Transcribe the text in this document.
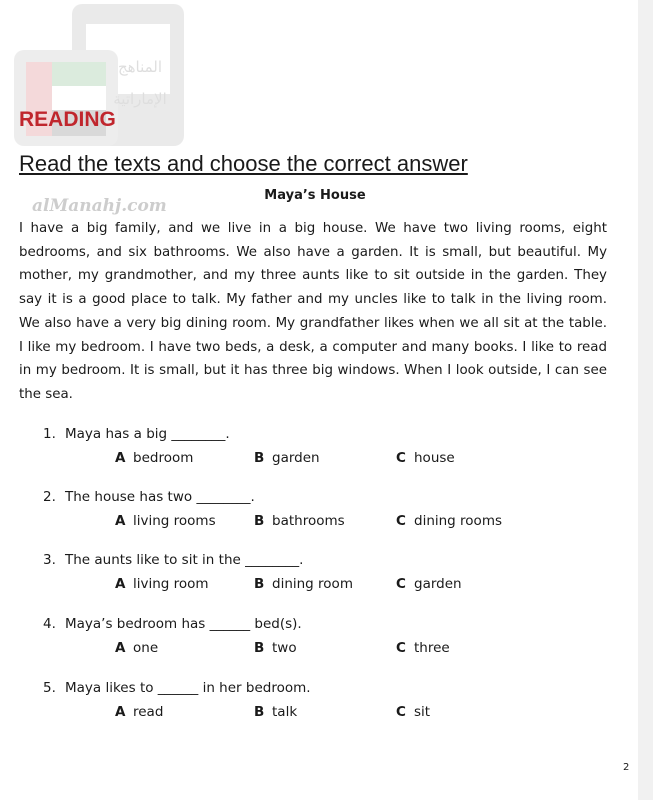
المناهج
الإماراتية
alManahj.com
READING
Read the texts and choose the correct answer
Maya’s House

I have a big family, and we live in a big house. We have two living rooms, eight bedrooms, and six bathrooms. We also have a garden. It is small, but beautiful. My mother, my grandmother, and my three aunts like to sit outside in the garden. They say it is a good place to talk. My father and my uncles like to talk in the living room. We also have a very big dining room. My grandfather likes when we all sit at the table. I like my bedroom. I have two beds, a desk, a computer and many books. I like to read in my bedroom. It is small, but it has three big windows. When I look outside, I can see the sea.

1. Maya has a big ________.
A bedroom	B garden	C house
2. The house has two ________.
A living rooms	B bathrooms	C dining rooms
3. The aunts like to sit in the ________.
A living room	B dining room	C garden
4. Maya’s bedroom has ______ bed(s).
A one	B two	C three
5. Maya likes to ______ in her bedroom.
A read	B talk	C sit
2
